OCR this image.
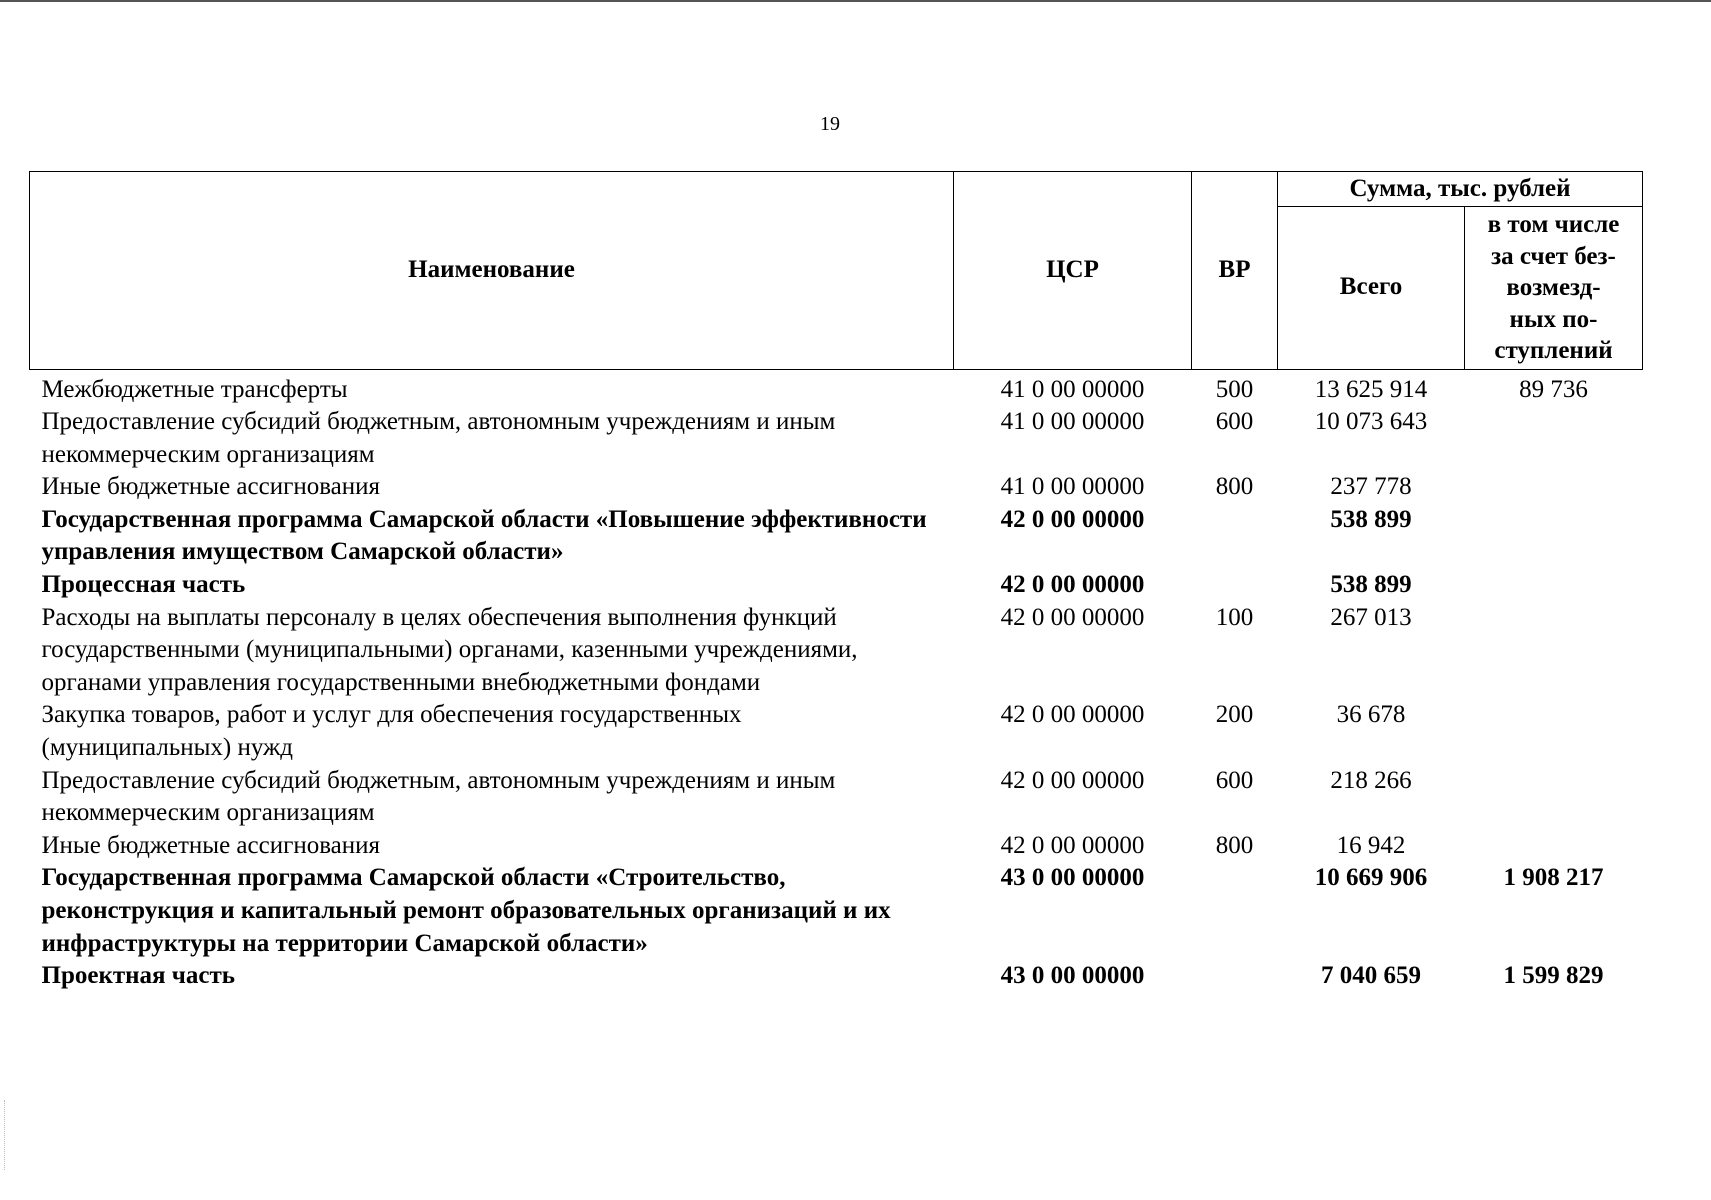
19
Наименование	ЦСР	ВР	Сумма, тыс. рублей	
			Всего	в том числе
за счет без-
возмезд-
ных по-
ступлений
Межбюджетные трансферты	41 0 00 00000	500	13 625 914	89 736
Предоставление субсидий бюджетным, автономным учреждениям и иным некоммерческим организациям	41 0 00 00000	600	10 073 643	
Иные бюджетные ассигнования	41 0 00 00000	800	237 778	
Государственная программа Самарской области «Повышение эффективности управления имуществом Самарской области»	42 0 00 00000		538 899	
Процессная часть	42 0 00 00000		538 899	
Расходы на выплаты персоналу в целях обеспечения выполнения функций государственными (муниципальными) органами, казенными учреждениями, органами управления государственными внебюджетными фондами	42 0 00 00000	100	267 013	
Закупка товаров, работ и услуг для обеспечения государственных (муниципальных) нужд	42 0 00 00000	200	36 678	
Предоставление субсидий бюджетным, автономным учреждениям и иным некоммерческим организациям	42 0 00 00000	600	218 266	
Иные бюджетные ассигнования	42 0 00 00000	800	16 942	
Государственная программа Самарской области «Строительство, реконструкция и капитальный ремонт образовательных организаций и их инфраструктуры на территории Самарской области»	43 0 00 00000		10 669 906	1 908 217
Проектная часть	43 0 00 00000		7 040 659	1 599 829
